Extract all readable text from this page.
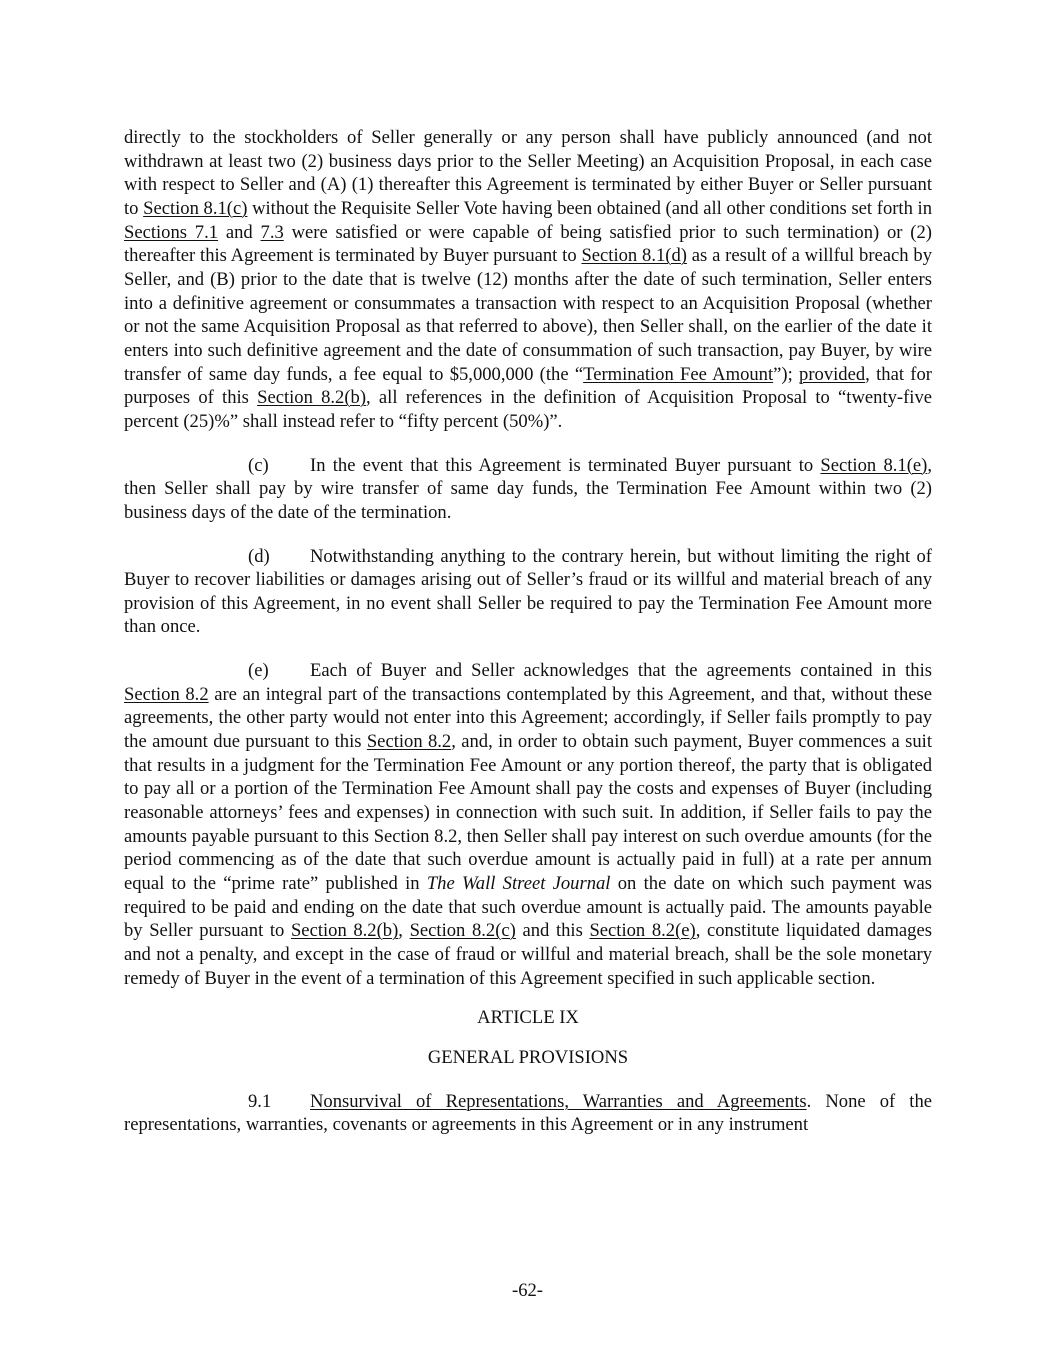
directly to the stockholders of Seller generally or any person shall have publicly announced (and not withdrawn at least two (2) business days prior to the Seller Meeting) an Acquisition Proposal, in each case with respect to Seller and (A) (1) thereafter this Agreement is terminated by either Buyer or Seller pursuant to Section 8.1(c) without the Requisite Seller Vote having been obtained (and all other conditions set forth in Sections 7.1 and 7.3 were satisfied or were capable of being satisfied prior to such termination) or (2) thereafter this Agreement is terminated by Buyer pursuant to Section 8.1(d) as a result of a willful breach by Seller, and (B) prior to the date that is twelve (12) months after the date of such termination, Seller enters into a definitive agreement or consummates a transaction with respect to an Acquisition Proposal (whether or not the same Acquisition Proposal as that referred to above), then Seller shall, on the earlier of the date it enters into such definitive agreement and the date of consummation of such transaction, pay Buyer, by wire transfer of same day funds, a fee equal to $5,000,000 (the “Termination Fee Amount”); provided, that for purposes of this Section 8.2(b), all references in the definition of Acquisition Proposal to “twenty-five percent (25)%” shall instead refer to “fifty percent (50%)”.

(c) In the event that this Agreement is terminated Buyer pursuant to Section 8.1(e), then Seller shall pay by wire transfer of same day funds, the Termination Fee Amount within two (2) business days of the date of the termination.

(d) Notwithstanding anything to the contrary herein, but without limiting the right of Buyer to recover liabilities or damages arising out of Seller’s fraud or its willful and material breach of any provision of this Agreement, in no event shall Seller be required to pay the Termination Fee Amount more than once.

(e) Each of Buyer and Seller acknowledges that the agreements contained in this Section 8.2 are an integral part of the transactions contemplated by this Agreement, and that, without these agreements, the other party would not enter into this Agreement; accordingly, if Seller fails promptly to pay the amount due pursuant to this Section 8.2, and, in order to obtain such payment, Buyer commences a suit that results in a judgment for the Termination Fee Amount or any portion thereof, the party that is obligated to pay all or a portion of the Termination Fee Amount shall pay the costs and expenses of Buyer (including reasonable attorneys’ fees and expenses) in connection with such suit. In addition, if Seller fails to pay the amounts payable pursuant to this Section 8.2, then Seller shall pay interest on such overdue amounts (for the period commencing as of the date that such overdue amount is actually paid in full) at a rate per annum equal to the “prime rate” published in The Wall Street Journal on the date on which such payment was required to be paid and ending on the date that such overdue amount is actually paid. The amounts payable by Seller pursuant to Section 8.2(b), Section 8.2(c) and this Section 8.2(e), constitute liquidated damages and not a penalty, and except in the case of fraud or willful and material breach, shall be the sole monetary remedy of Buyer in the event of a termination of this Agreement specified in such applicable section.

ARTICLE IX

GENERAL PROVISIONS

9.1 Nonsurvival of Representations, Warranties and Agreements. None of the representations, warranties, covenants or agreements in this Agreement or in any instrument

-62-
